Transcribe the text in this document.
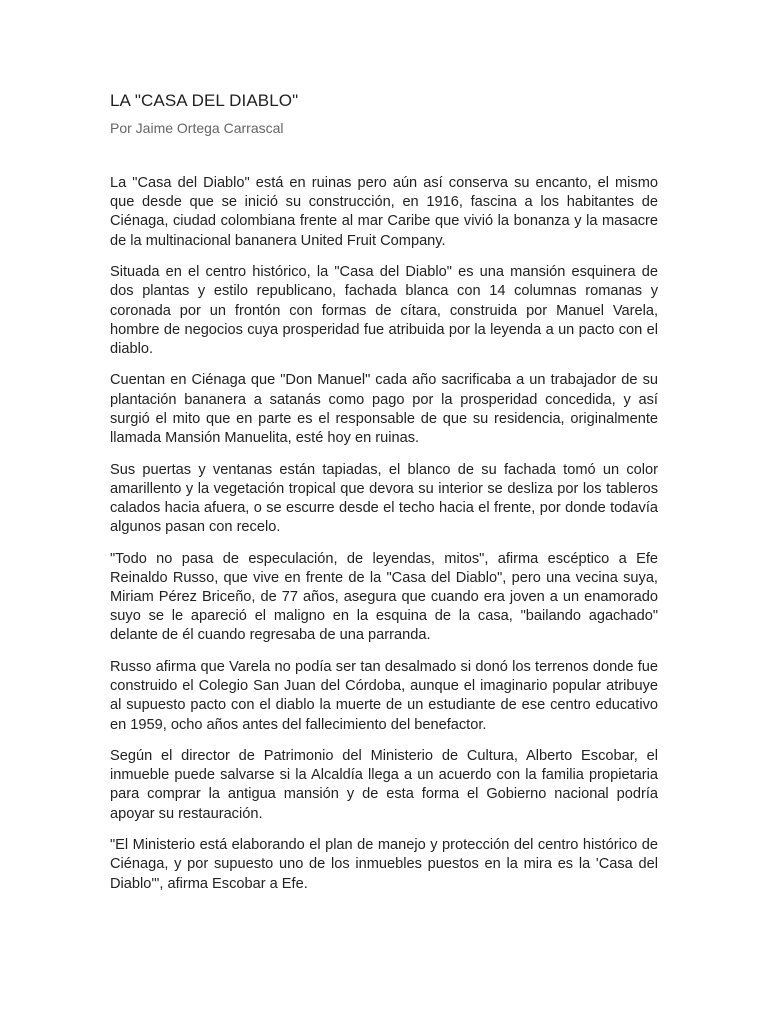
LA "CASA DEL DIABLO"
Por Jaime Ortega Carrascal

La "Casa del Diablo" está en ruinas pero aún así conserva su encanto, el mismo que desde que se inició su construcción, en 1916, fascina a los habitantes de Ciénaga, ciudad colombiana frente al mar Caribe que vivió la bonanza y la masacre de la multinacional bananera United Fruit Company.

Situada en el centro histórico, la "Casa del Diablo" es una mansión esquinera de dos plantas y estilo republicano, fachada blanca con 14 columnas romanas y coronada por un frontón con formas de cítara, construida por Manuel Varela, hombre de negocios cuya prosperidad fue atribuida por la leyenda a un pacto con el diablo.

Cuentan en Ciénaga que "Don Manuel" cada año sacrificaba a un trabajador de su plantación bananera a satanás como pago por la prosperidad concedida, y así surgió el mito que en parte es el responsable de que su residencia, originalmente llamada Mansión Manuelita, esté hoy en ruinas.

Sus puertas y ventanas están tapiadas, el blanco de su fachada tomó un color amarillento y la vegetación tropical que devora su interior se desliza por los tableros calados hacia afuera, o se escurre desde el techo hacia el frente, por donde todavía algunos pasan con recelo.

"Todo no pasa de especulación, de leyendas, mitos", afirma escéptico a Efe Reinaldo Russo, que vive en frente de la "Casa del Diablo", pero una vecina suya, Miriam Pérez Briceño, de 77 años, asegura que cuando era joven a un enamorado suyo se le apareció el maligno en la esquina de la casa, "bailando agachado" delante de él cuando regresaba de una parranda.

Russo afirma que Varela no podía ser tan desalmado si donó los terrenos donde fue construido el Colegio San Juan del Córdoba, aunque el imaginario popular atribuye al supuesto pacto con el diablo la muerte de un estudiante de ese centro educativo en 1959, ocho años antes del fallecimiento del benefactor.

Según el director de Patrimonio del Ministerio de Cultura, Alberto Escobar, el inmueble puede salvarse si la Alcaldía llega a un acuerdo con la familia propietaria para comprar la antigua mansión y de esta forma el Gobierno nacional podría apoyar su restauración.

"El Ministerio está elaborando el plan de manejo y protección del centro histórico de Ciénaga, y por supuesto uno de los inmuebles puestos en la mira es la 'Casa del Diablo'", afirma Escobar a Efe.
